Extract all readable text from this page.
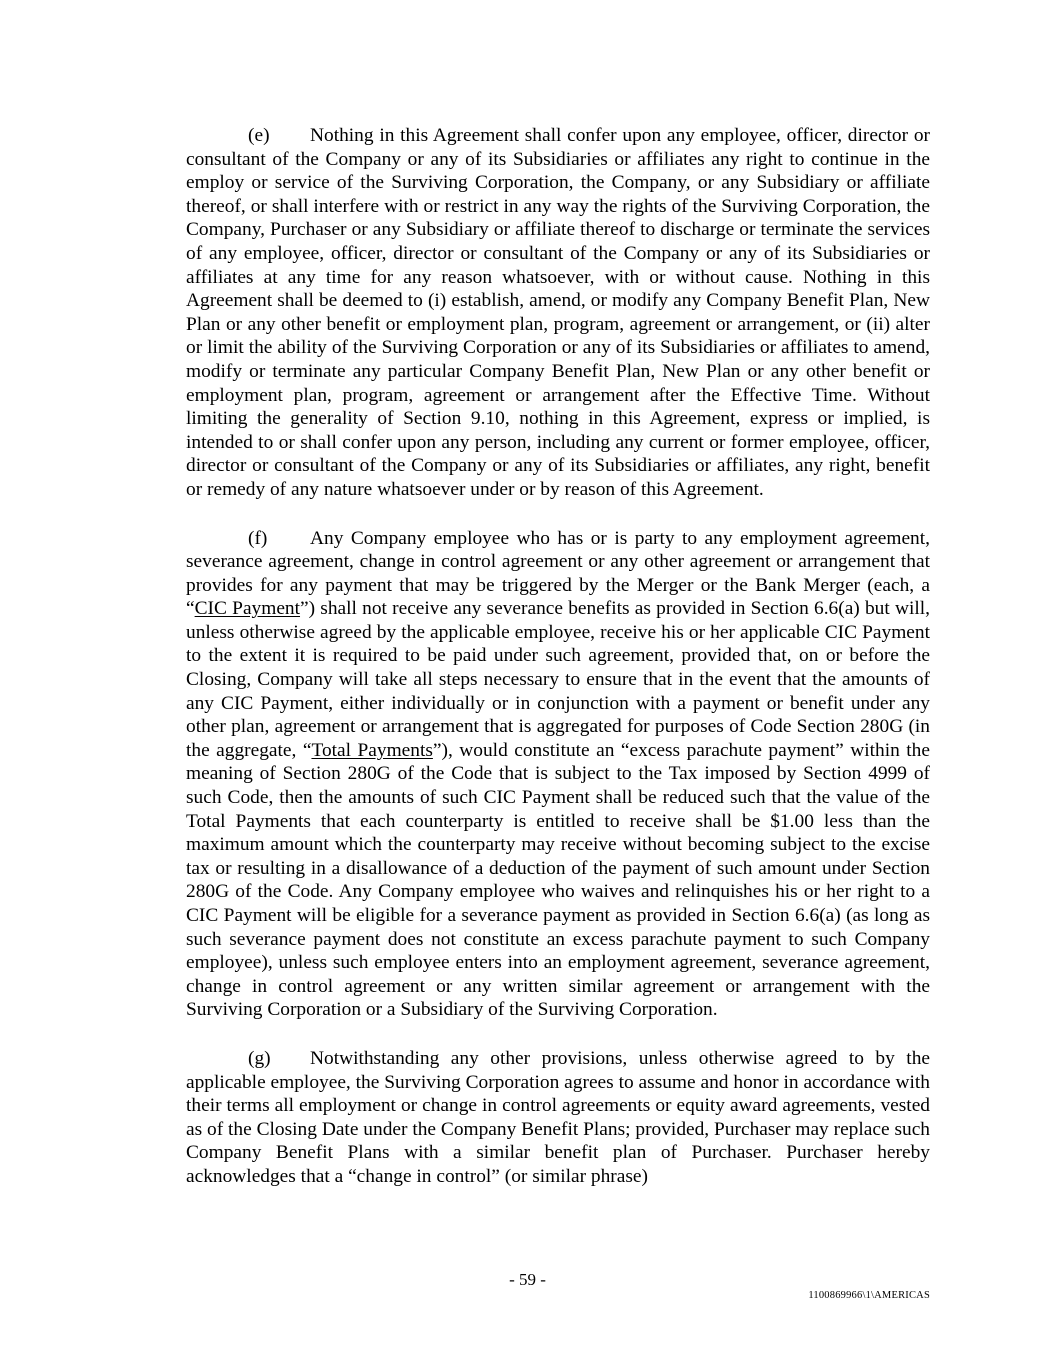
(e) Nothing in this Agreement shall confer upon any employee, officer, director or consultant of the Company or any of its Subsidiaries or affiliates any right to continue in the employ or service of the Surviving Corporation, the Company, or any Subsidiary or affiliate thereof, or shall interfere with or restrict in any way the rights of the Surviving Corporation, the Company, Purchaser or any Subsidiary or affiliate thereof to discharge or terminate the services of any employee, officer, director or consultant of the Company or any of its Subsidiaries or affiliates at any time for any reason whatsoever, with or without cause. Nothing in this Agreement shall be deemed to (i) establish, amend, or modify any Company Benefit Plan, New Plan or any other benefit or employment plan, program, agreement or arrangement, or (ii) alter or limit the ability of the Surviving Corporation or any of its Subsidiaries or affiliates to amend, modify or terminate any particular Company Benefit Plan, New Plan or any other benefit or employment plan, program, agreement or arrangement after the Effective Time. Without limiting the generality of Section 9.10, nothing in this Agreement, express or implied, is intended to or shall confer upon any person, including any current or former employee, officer, director or consultant of the Company or any of its Subsidiaries or affiliates, any right, benefit or remedy of any nature whatsoever under or by reason of this Agreement.

(f) Any Company employee who has or is party to any employment agreement, severance agreement, change in control agreement or any other agreement or arrangement that provides for any payment that may be triggered by the Merger or the Bank Merger (each, a “CIC Payment”) shall not receive any severance benefits as provided in Section 6.6(a) but will, unless otherwise agreed by the applicable employee, receive his or her applicable CIC Payment to the extent it is required to be paid under such agreement, provided that, on or before the Closing, Company will take all steps necessary to ensure that in the event that the amounts of any CIC Payment, either individually or in conjunction with a payment or benefit under any other plan, agreement or arrangement that is aggregated for purposes of Code Section 280G (in the aggregate, “Total Payments”), would constitute an “excess parachute payment” within the meaning of Section 280G of the Code that is subject to the Tax imposed by Section 4999 of such Code, then the amounts of such CIC Payment shall be reduced such that the value of the Total Payments that each counterparty is entitled to receive shall be $1.00 less than the maximum amount which the counterparty may receive without becoming subject to the excise tax or resulting in a disallowance of a deduction of the payment of such amount under Section 280G of the Code. Any Company employee who waives and relinquishes his or her right to a CIC Payment will be eligible for a severance payment as provided in Section 6.6(a) (as long as such severance payment does not constitute an excess parachute payment to such Company employee), unless such employee enters into an employment agreement, severance agreement, change in control agreement or any written similar agreement or arrangement with the Surviving Corporation or a Subsidiary of the Surviving Corporation.

(g) Notwithstanding any other provisions, unless otherwise agreed to by the applicable employee, the Surviving Corporation agrees to assume and honor in accordance with their terms all employment or change in control agreements or equity award agreements, vested as of the Closing Date under the Company Benefit Plans; provided, Purchaser may replace such Company Benefit Plans with a similar benefit plan of Purchaser. Purchaser hereby acknowledges that a “change in control” (or similar phrase)

- 59 -
1100869966\1\AMERICAS
